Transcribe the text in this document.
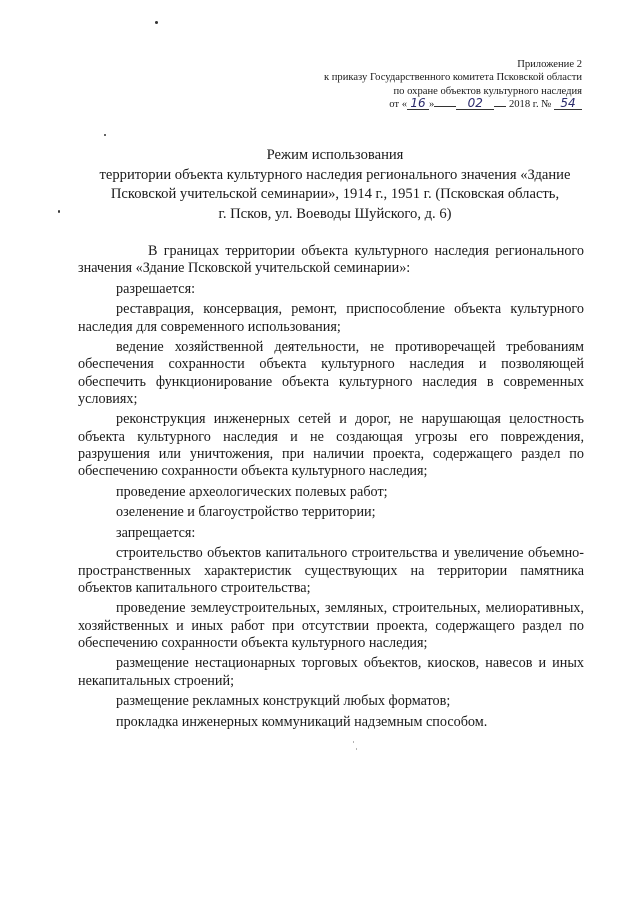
Приложение 2
к приказу Государственного комитета Псковской области
по охране объектов культурного наследия
от « 16 »	02 2018 г. № 54
Режим использования
территории объекта культурного наследия регионального значения «Здание
Псковской учительской семинарии», 1914 г., 1951 г. (Псковская область,
г. Псков, ул. Воеводы Шуйского, д. 6)

В границах территории объекта культурного наследия регионального значения «Здание Псковской учительской семинарии»:

разрешается:

реставрация, консервация, ремонт, приспособление объекта культурного наследия для современного использования;

ведение хозяйственной деятельности, не противоречащей требованиям обеспечения сохранности объекта культурного наследия и позволяющей обеспечить функционирование объекта культурного наследия в современных условиях;

реконструкция инженерных сетей и дорог, не нарушающая целостность объекта культурного наследия и не создающая угрозы его повреждения, разрушения или уничтожения, при наличии проекта, содержащего раздел по обеспечению сохранности объекта культурного наследия;

проведение археологических полевых работ;

озеленение и благоустройство территории;

запрещается:

строительство объектов капитального строительства и увеличение объемно-пространственных характеристик существующих на территории памятника объектов капитального строительства;

проведение землеустроительных, земляных, строительных, мелиоративных, хозяйственных и иных работ при отсутствии проекта, содержащего раздел по обеспечению сохранности объекта культурного наследия;

размещение нестационарных торговых объектов, киосков, навесов и иных некапитальных строений;

размещение рекламных конструкций любых форматов;

прокладка инженерных коммуникаций надземным способом.
